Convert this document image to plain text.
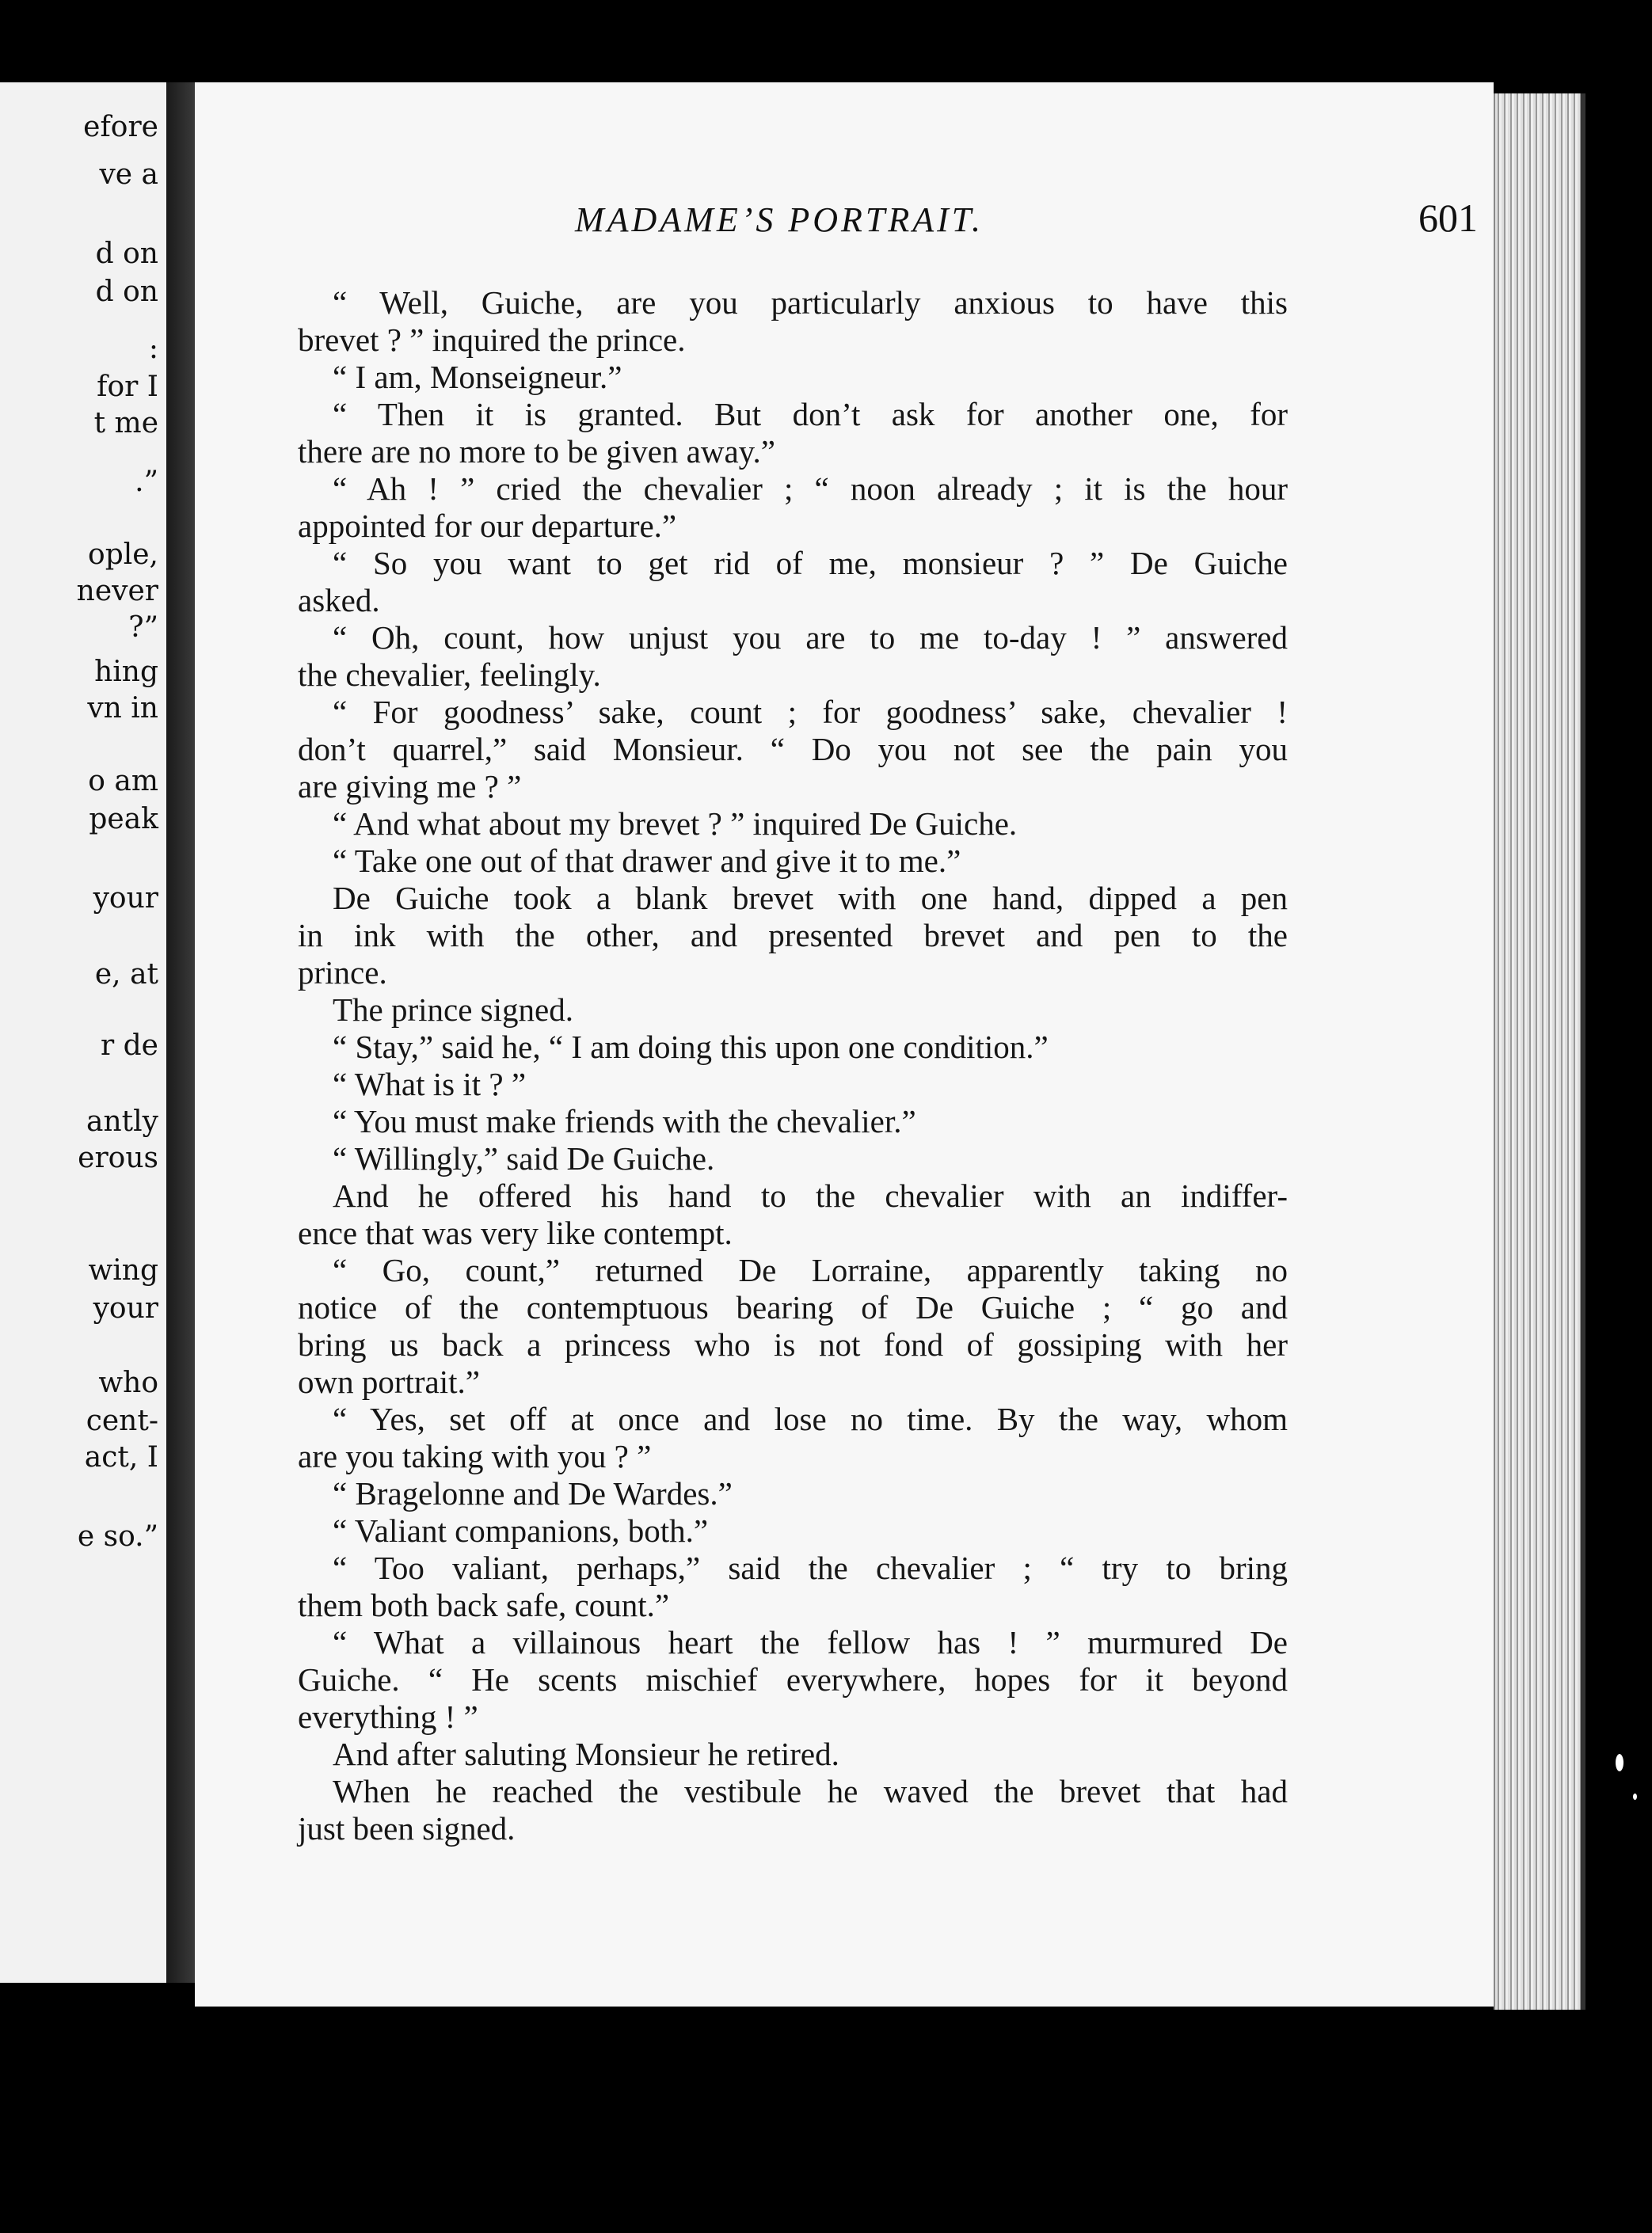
efore
ve a
d on
d on
:
for I
t me
.”
ople,
never
?”
hing
vn in
o am
peak
your
e, at
r de
antly
erous
wing
your
who
cent-
act, I
e so.”
MADAME’S PORTRAIT.	601
“ Well, Guiche, are you particularly anxious to have this
brevet ? ” inquired the prince.
“ I am, Monseigneur.”
“ Then it is granted. But don’t ask for another one, for
there are no more to be given away.”
“ Ah ! ” cried the chevalier ; “ noon already ; it is the hour
appointed for our departure.”
“ So you want to get rid of me, monsieur ? ” De Guiche
asked.
“ Oh, count, how unjust you are to me to-day ! ” answered
the chevalier, feelingly.
“ For goodness’ sake, count ; for goodness’ sake, chevalier !
don’t quarrel,” said Monsieur. “ Do you not see the pain you
are giving me ? ”
“ And what about my brevet ? ” inquired De Guiche.
“ Take one out of that drawer and give it to me.”
De Guiche took a blank brevet with one hand, dipped a pen
in ink with the other, and presented brevet and pen to the
prince.
The prince signed.
“ Stay,” said he, “ I am doing this upon one condition.”
“ What is it ? ”
“ You must make friends with the chevalier.”
“ Willingly,” said De Guiche.
And he offered his hand to the chevalier with an indiffer-
ence that was very like contempt.
“ Go, count,” returned De Lorraine, apparently taking no
notice of the contemptuous bearing of De Guiche ; “ go and
bring us back a princess who is not fond of gossiping with her
own portrait.”
“ Yes, set off at once and lose no time. By the way, whom
are you taking with you ? ”
“ Bragelonne and De Wardes.”
“ Valiant companions, both.”
“ Too valiant, perhaps,” said the chevalier ; “ try to bring
them both back safe, count.”
“ What a villainous heart the fellow has ! ” murmured De
Guiche. “ He scents mischief everywhere, hopes for it beyond
everything ! ”
And after saluting Monsieur he retired.
When he reached the vestibule he waved the brevet that had
just been signed.
